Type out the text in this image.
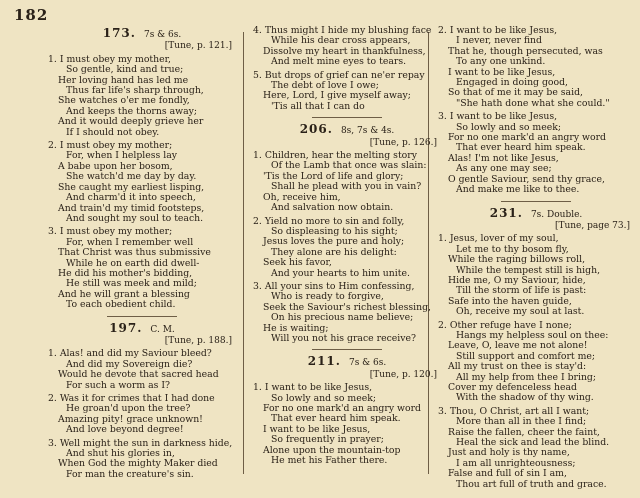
182
173. 7s & 6s.
[Tune, p. 121.]
1. I must obey my mother,
So gentle, kind and true;
Her loving hand has led me
Thus far life's sharp through,
She watches o'er me fondly,
And keeps the thorns away;
And it would deeply grieve her
If I should not obey.
2. I must obey my mother;
For, when I helpless lay
A babe upon her bosom,
She watch'd me day by day.
She caught my earliest lisping,
And charm'd it into speech,
And train'd my timid footsteps,
And sought my soul to teach.
3. I must obey my mother;
For, when I remember well
That Christ was thus submissive
While he on earth did dwell-
He did his mother's bidding,
He still was meek and mild;
And he will grant a blessing
To each obedient child.
197. C. M.
[Tune, p. 188.]
1. Alas! and did my Saviour bleed?
And did my Sovereign die?
Would he devote that sacred head
For such a worm as I?
2. Was it for crimes that I had done
He groan'd upon the tree?
Amazing pity! grace unknown!
And love beyond degree!
3. Well might the sun in darkness hide,
And shut his glories in,
When God the mighty Maker died
For man the creature's sin.
4. Thus might I hide my blushing face
While his dear cross appears,
Dissolve my heart in thankfulness,
And melt mine eyes to tears.
5. But drops of grief can ne'er repay
The debt of love I owe;
Here, Lord, I give myself away;
'Tis all that I can do
206. 8s, 7s & 4s.
[Tune, p. 126.]
1. Children, hear the melting story
Of the Lamb that once was slain:
'Tis the Lord of life and glory;
Shall he plead with you in vain?
Oh, receive him,
And salvation now obtain.
2. Yield no more to sin and folly,
So displeasing to his sight;
Jesus loves the pure and holy;
They alone are his delight:
Seek his favor,
And your hearts to him unite.
3. All your sins to Him confessing,
Who is ready to forgive,
Seek the Saviour's richest blessing,
On his precious name believe;
He is waiting;
Will you not his grace receive?
211. 7s & 6s.
[Tune, p. 120.]
1. I want to be like Jesus,
So lowly and so meek;
For no one mark'd an angry word
That ever heard him speak.
I want to be like Jesus,
So frequently in prayer;
Alone upon the mountain-top
He met his Father there.
2. I want to be like Jesus,
I never, never find
That he, though persecuted, was
To any one unkind.
I want to be like Jesus,
Engaged in doing good,
So that of me it may be said,
"She hath done what she could."
3. I want to be like Jesus,
So lowly and so meek;
For no one mark'd an angry word
That ever heard him speak.
Alas! I'm not like Jesus,
As any one may see;
O gentle Saviour, send thy grace,
And make me like to thee.
231. 7s. Double.
[Tune, page 73.]
1. Jesus, lover of my soul,
Let me to thy bosom fly,
While the raging billows roll,
While the tempest still is high,
Hide me, O my Saviour, hide,
Till the storm of life is past:
Safe into the haven guide,
Oh, receive my soul at last.
2. Other refuge have I none;
Hangs my helpless soul on thee:
Leave, O, leave me not alone!
Still support and comfort me;
All my trust on thee is stay'd:
All my help from thee I bring;
Cover my defenceless head
With the shadow of thy wing.
3. Thou, O Christ, art all I want;
More than all in thee I find;
Raise the fallen, cheer the faint,
Heal the sick and lead the blind.
Just and holy is thy name,
I am all unrighteousness;
False and full of sin I am,
Thou art full of truth and grace.
